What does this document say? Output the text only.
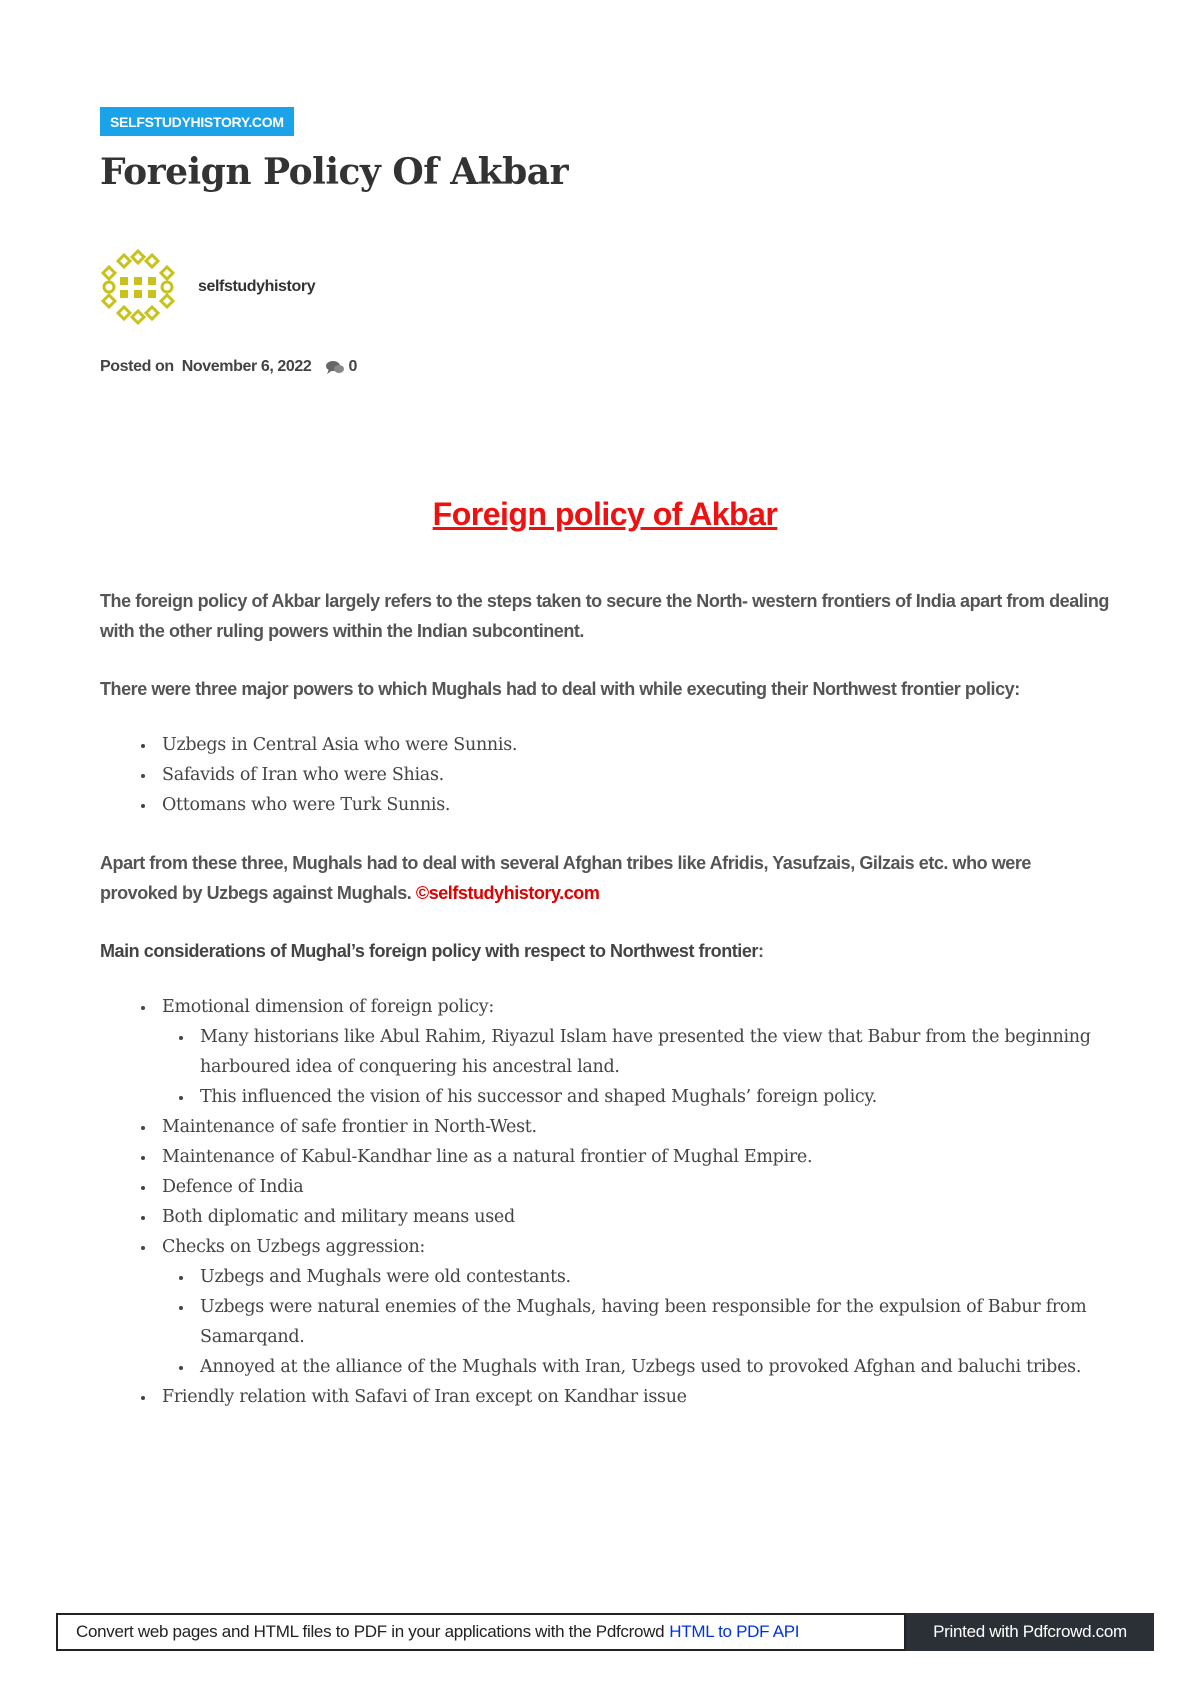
SELFSTUDYHISTORY.COM
Foreign Policy Of Akbar
selfstudyhistory
Posted on November 6, 2022 0
Foreign policy of Akbar

The foreign policy of Akbar largely refers to the steps taken to secure the North- western frontiers of India apart from dealing with the other ruling powers within the Indian subcontinent.

There were three major powers to which Mughals had to deal with while executing their Northwest frontier policy:

• Uzbegs in Central Asia who were Sunnis.
• Safavids of Iran who were Shias.
• Ottomans who were Turk Sunnis.

Apart from these three, Mughals had to deal with several Afghan tribes like Afridis, Yasufzais, Gilzais etc. who were provoked by Uzbegs against Mughals. ©selfstudyhistory.com

Main considerations of Mughal’s foreign policy with respect to Northwest frontier:

• Emotional dimension of foreign policy:
• Many historians like Abul Rahim, Riyazul Islam have presented the view that Babur from the beginning harboured idea of conquering his ancestral land.
• This influenced the vision of his successor and shaped Mughals’ foreign policy.
• Maintenance of safe frontier in North-West.
• Maintenance of Kabul-Kandhar line as a natural frontier of Mughal Empire.
• Defence of India
• Both diplomatic and military means used
• Checks on Uzbegs aggression:
• Uzbegs and Mughals were old contestants.
• Uzbegs were natural enemies of the Mughals, having been responsible for the expulsion of Babur from Samarqand.
• Annoyed at the alliance of the Mughals with Iran, Uzbegs used to provoked Afghan and baluchi tribes.
• Friendly relation with Safavi of Iran except on Kandhar issue
Convert web pages and HTML files to PDF in your applications with the Pdfcrowd HTML to PDF API	Printed with Pdfcrowd.com
